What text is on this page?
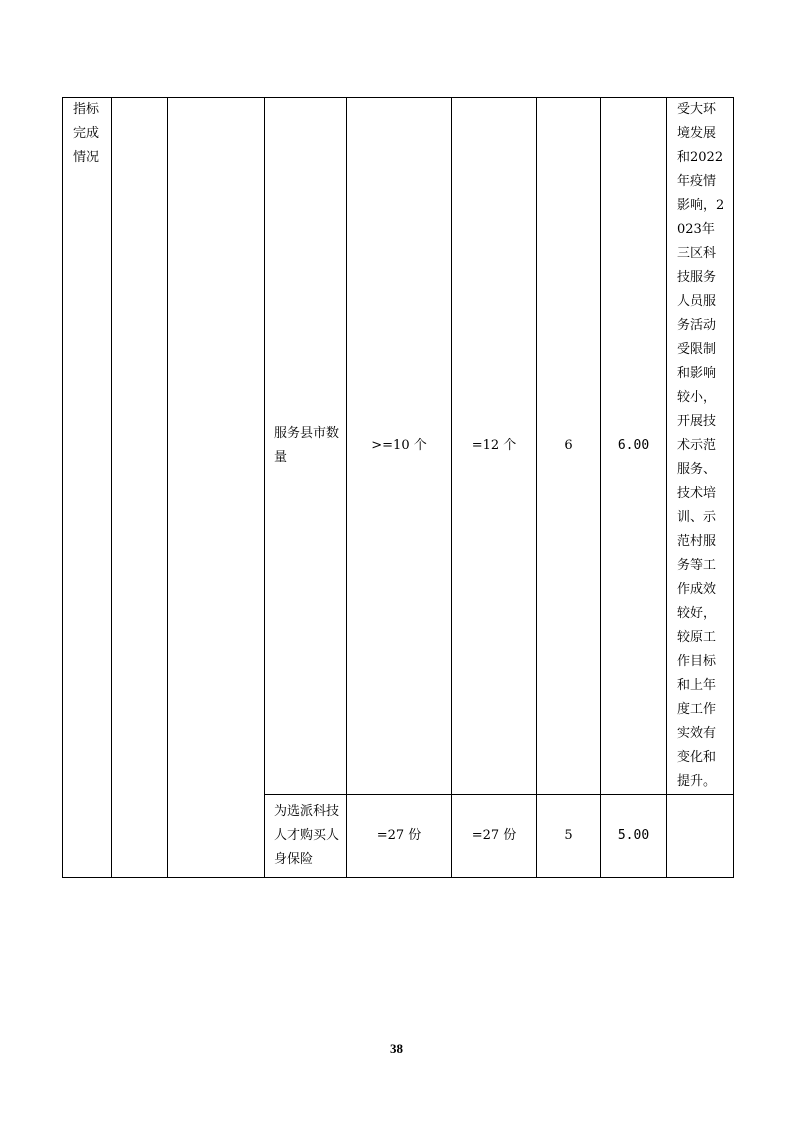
指标完成情况			服务县市数量	>=10 个	=12 个	6	6.00	受大环境发展和2022年疫情影响，2023年三区科技服务人员服务活动受限制和影响较小，开展技术示范服务、技术培训、示范村服务等工作成效较好，较原工作目标和上年度工作实效有变化和提升。

			为选派科技人才购买人身保险	=27 份	=27 份	5	5.00	
38
